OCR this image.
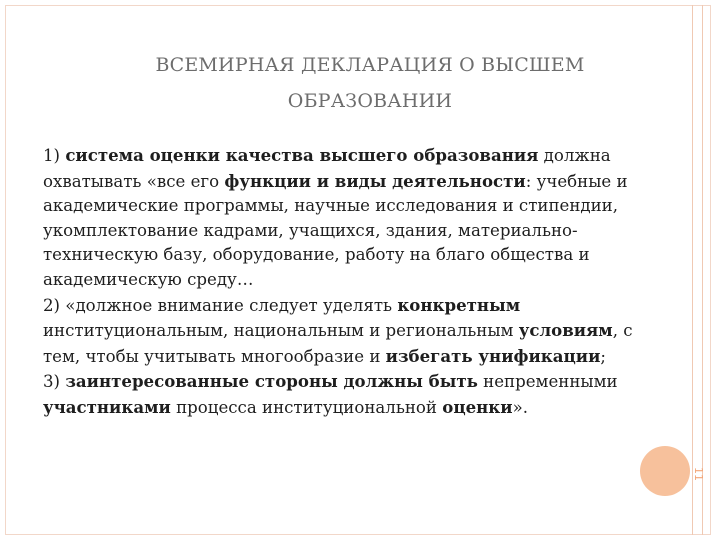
ВСЕМИРНАЯ ДЕКЛАРАЦИЯ О ВЫСШЕМ
ОБРАЗОВАНИИ

1) система оценки качества высшего образования должна охватывать «все его функции и виды деятельности: учебные и академические программы, научные исследования и стипендии, укомплектование кадрами, учащихся, здания, материально-техническую базу, оборудование, работу на благо общества и академическую среду…

2) «должное внимание следует уделять конкретным институциональным, национальным и региональным условиям, с тем, чтобы учитывать многообразие и избегать унификации;

3) заинтересованные стороны должны быть непременными участниками процесса институциональной оценки».

11
